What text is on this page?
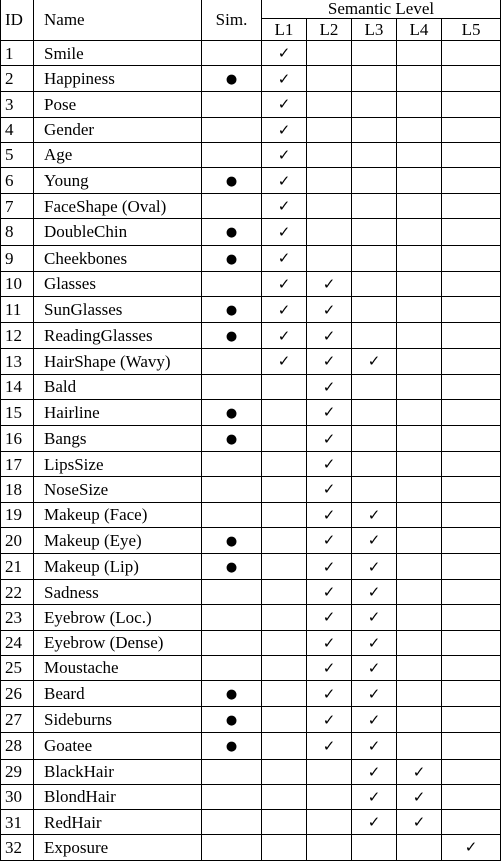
ID	Name	Sim.	Semantic Level				
			L1	L2	L3	L4	L5
1	Smile		✓				
2	Happiness	●	✓				
3	Pose		✓				
4	Gender		✓				
5	Age		✓				
6	Young	●	✓				
7	FaceShape (Oval)		✓				
8	DoubleChin	●	✓				
9	Cheekbones	●	✓				
10	Glasses		✓	✓			
11	SunGlasses	●	✓	✓			
12	ReadingGlasses	●	✓	✓			
13	HairShape (Wavy)		✓	✓	✓		
14	Bald			✓			
15	Hairline	●		✓			
16	Bangs	●		✓			
17	LipsSize			✓			
18	NoseSize			✓			
19	Makeup (Face)			✓	✓		
20	Makeup (Eye)	●		✓	✓		
21	Makeup (Lip)	●		✓	✓		
22	Sadness			✓	✓		
23	Eyebrow (Loc.)			✓	✓		
24	Eyebrow (Dense)			✓	✓		
25	Moustache			✓	✓		
26	Beard	●		✓	✓		
27	Sideburns	●		✓	✓		
28	Goatee	●		✓	✓		
29	BlackHair				✓	✓	
30	BlondHair				✓	✓	
31	RedHair				✓	✓	
32	Exposure						✓
